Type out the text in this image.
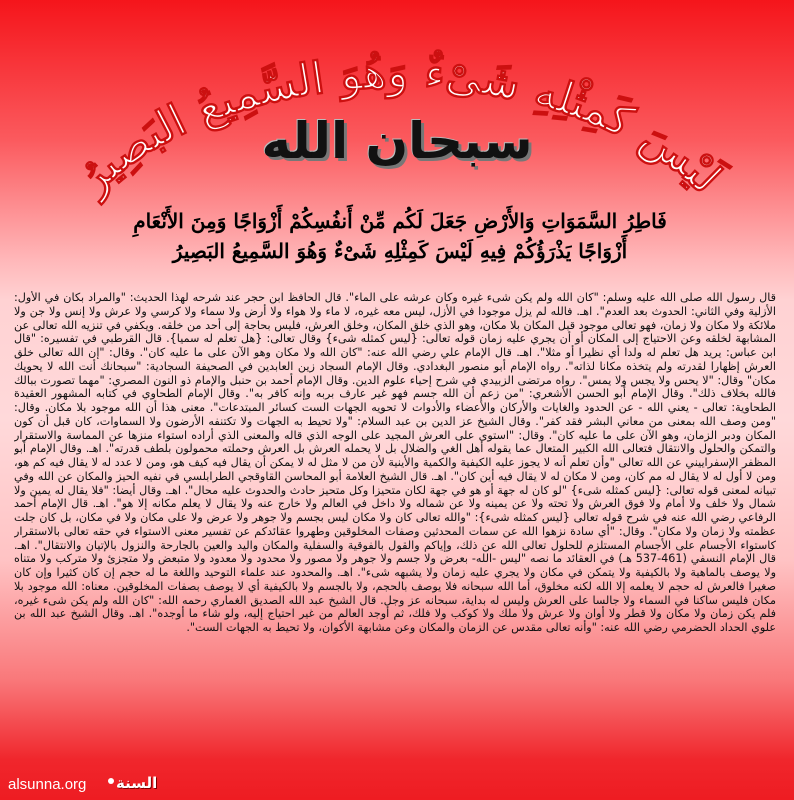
لَيْسَ كَمِثْلِهِ شَىْءٌ وَهُوَ السَّمِيعُ البَصِيرُ
سبحان الله
فَاطِرُ السَّمَوَاتِ وَالأَرْضِ جَعَلَ لَكُم مِّنْ أَنفُسِكُمْ أَزْوَاجًا وَمِنَ الأَنْعَامِ
أَزْوَاجًا يَذْرَؤُكُمْ فِيهِ لَيْسَ كَمِثْلِهِ شَىْءٌ وَهُوَ السَّمِيعُ البَصِيرُ
قال رسول الله صلى الله عليه وسلم: "كان الله ولم يكن شىء غيره وكان عرشه على الماء". قال الحافظ ابن حجر عند شرحه لهذا الحديث: "والمراد بكان في الأول: الأزلية وفي الثاني: الحدوث بعد العدم". اهـ. فالله لم يزل موجودا في الأزل، ليس معه غيره، لا ماء ولا هواء ولا أرض ولا سماء ولا كرسي ولا عرش ولا إنس ولا جن ولا ملائكة ولا مكان ولا زمان، فهو تعالى موجود قبل المكان بلا مكان، وهو الذي خلق المكان، وخلق العرش، فليس بحاجة إلى أحد من خلقه. ويكفي في تنزيه الله تعالى عن المشابهة لخلقه وعن الاحتياج إلى المكان أو أن يجري عليه زمان قوله تعالى: {ليس كمثله شىء} وقال تعالى: {هل تعلم له سميا}. قال القرطبي في تفسيره: "قال ابن عباس: يريد هل تعلم له ولدا أي نظيرا أو مثلا". اهـ. قال الإمام علي رضي الله عنه: "كان الله ولا مكان وهو الآن على ما عليه كان". وقال: "إن الله تعالى خلق العرش إظهارا لقدرته ولم يتخذه مكانا لذاته". رواه الإمام أبو منصور البغدادي. وقال الإمام السجاد زين العابدين في الصحيفة السجادية: "سبحانك أنت الله لا يحويك مكان" وقال: "لا يحس ولا يجس ولا يمس". رواه مرتضى الزبيدي في شرح إحياء علوم الدين. وقال الإمام أحمد بن حنبل والإمام ذو النون المصري: "مهما تصورت ببالك فالله بخلاف ذلك". وقال الإمام أبو الحسن الأشعري: "من زعم أن الله جسم فهو غير عارف بربه وإنه كافر به". وقال الإمام الطحاوي في كتابه المشهور العقيدة الطحاوية: تعالى - يعني الله - عن الحدود والغايات والأركان والأعضاء والأدوات لا تحويه الجهات الست كسائر المبتدعات". معنى هذا أن الله موجود بلا مكان. وقال: "ومن وصف الله بمعنى من معاني البشر فقد كفر". وقال الشيخ عز الدين بن عبد السلام: "ولا تحيط به الجهات ولا تكتنفه الأرضون ولا السماوات، كان قبل أن كون المكان ودبر الزمان، وهو الآن على ما عليه كان". وقال: "استوى على العرش المجيد على الوجه الذي قاله والمعنى الذي أراده استواء منزها عن المماسة والاستقرار والتمكن والحلول والانتقال فتعالى الله الكبير المتعال عما يقوله أهل الغي والضلال بل لا يحمله العرش بل العرش وحملته محمولون بلطف قدرته". اهـ. وقال الإمام أبو المظفر الإسفراييني عن الله تعالى "وأن تعلم أنه لا يجوز عليه الكيفية والكمية والأينية لأن من لا مثل له لا يمكن أن يقال فيه كيف هو، ومن لا عدد له لا يقال فيه كم هو، ومن لا أول له لا يقال له مم كان، ومن لا مكان له لا يقال فيه أين كان". اهـ. قال الشيخ العلامة أبو المحاسن القاوقجي الطرابلسي في نفيه الحيز والمكان عن الله وفي تبيانه لمعنى قوله تعالى: {ليس كمثله شىء} "لو كان له جهة أو هو في جهة لكان متحيزا وكل متحيز حادث والحدوث عليه محال". اهـ. وقال أيضا: "فلا يقال له يمين ولا شمال ولا خلف ولا أمام ولا فوق العرش ولا تحته ولا عن يمينه ولا عن شماله ولا داخل في العالم ولا خارج عنه ولا يقال لا يعلم مكانه إلا هو". اهـ. قال الإمام أحمد الرفاعي رضي الله عنه في شرح قوله تعالى {ليس كمثله شىء}: "والله تعالى كان ولا مكان ليس بجسم ولا جوهر ولا عرض ولا على مكان ولا في مكان، بل كان جلت عظمته ولا زمان ولا مكان". وقال: "أي سادة نزهوا الله عن سمات المحدثين وصفات المخلوقين وطهروا عقائدكم عن تفسير معنى الاستواء في حقه تعالى بالاستقرار كاستواء الأجسام على الأجسام المستلزم للحلول تعالى الله عن ذلك، وإياكم والقول بالفوقية والسفلية والمكان واليد والعين بالجارحة والنزول بالإتيان والانتقال". اهـ. قال الإمام النسفي (461-537 هـ) في العقائد ما نصه "ليس -الله- بعرض ولا جسم ولا جوهر ولا مصور ولا محدود ولا معدود ولا متبعض ولا متجزئ ولا متركب ولا متناه ولا يوصف بالماهية ولا بالكيفية ولا يتمكن في مكان ولا يجري عليه زمان ولا يشبهه شىء". اهـ. والمحدود عند علماء التوحيد واللغة ما له حجم إن كان كثيرا وإن كان صغيرا فالعرش له حجم لا يعلمه إلا الله لكنه مخلوق، أما الله سبحانه فلا يوصف بالحجم، ولا بالجسم ولا بالكيفية أي لا يوصف بصفات المخلوقين. معناه: الله موجود بلا مكان فليس ساكنا في السماء ولا جالسا على العرش وليس له بداية، سبحانه عز وجل. قال الشيخ عبد الله الصديق الغماري رحمه الله: "كان الله ولم يكن شىء غيره، فلم يكن زمان ولا مكان ولا قطر ولا أوان ولا عرش ولا ملك ولا كوكب ولا فلك، ثم أوجد العالم من غير احتياج إليه، ولو شاء ما أوجده". اهـ. وقال الشيخ عبد الله بن علوي الحداد الحضرمي رضي الله عنه: "وأنه تعالى مقدس عن الزمان والمكان وعن مشابهة الأكوان، ولا تحيط به الجهات الست".
alsunna.org السنة
